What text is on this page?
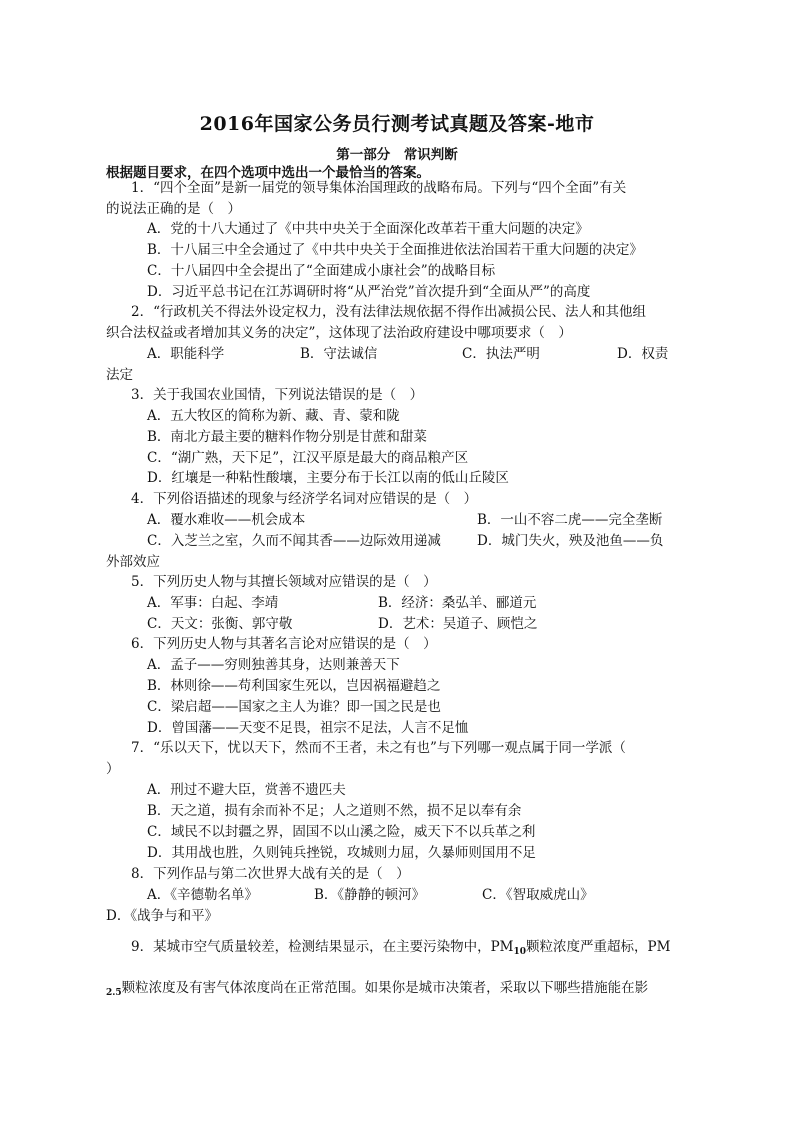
2016年国家公务员行测考试真题及答案-地市
第一部分　常识判断
根据题目要求，在四个选项中选出一个最恰当的答案。
1．“四个全面”是新一届党的领导集体治国理政的战略布局。下列与“四个全面”有关
的说法正确的是（　）
A．党的十八大通过了《中共中央关于全面深化改革若干重大问题的决定》
B．十八届三中全会通过了《中共中央关于全面推进依法治国若干重大问题的决定》
C．十八届四中全会提出了“全面建成小康社会”的战略目标
D．习近平总书记在江苏调研时将“从严治党”首次提升到“全面从严”的高度
2．“行政机关不得法外设定权力，没有法律法规依据不得作出减损公民、法人和其他组
织合法权益或者增加其义务的决定”，这体现了法治政府建设中哪项要求（　）
A．职能科学	B．守法诚信	C．执法严明	D．权责
法定
3．关于我国农业国情，下列说法错误的是（　）
A．五大牧区的简称为新、藏、青、蒙和陇
B．南北方最主要的糖料作物分别是甘蔗和甜菜
C．“湖广熟，天下足”，江汉平原是最大的商品粮产区
D．红壤是一种粘性酸壤，主要分布于长江以南的低山丘陵区
4．下列俗语描述的现象与经济学名词对应错误的是（　）
A．覆水难收——机会成本	B．一山不容二虎——完全垄断
C．入芝兰之室，久而不闻其香——边际效用递减	D．城门失火，殃及池鱼——负
外部效应
5．下列历史人物与其擅长领域对应错误的是（　）
A．军事：白起、李靖	B．经济：桑弘羊、郦道元
C．天文：张衡、郭守敬	D．艺术：吴道子、顾恺之
6．下列历史人物与其著名言论对应错误的是（　）
A．孟子——穷则独善其身，达则兼善天下
B．林则徐——苟利国家生死以，岂因祸福避趋之
C．梁启超——国家之主人为谁？即一国之民是也
D．曾国藩——天变不足畏，祖宗不足法，人言不足恤
7．“乐以天下，忧以天下，然而不王者，未之有也”与下列哪一观点属于同一学派（
）
A．刑过不避大臣，赏善不遗匹夫
B．天之道，损有余而补不足；人之道则不然，损不足以奉有余
C．域民不以封疆之界，固国不以山溪之险，威天下不以兵革之利
D．其用战也胜，久则钝兵挫锐，攻城则力屈，久暴师则国用不足
8．下列作品与第二次世界大战有关的是（　）
A．《辛德勒名单》	B．《静静的顿河》	C．《智取威虎山》
D．《战争与和平》
9．某城市空气质量较差，检测结果显示，在主要污染物中，$PM_{10}$颗粒浓度严重超标，PM
$_{2.5}$颗粒浓度及有害气体浓度尚在正常范围。如果你是城市决策者，采取以下哪些措施能在影
